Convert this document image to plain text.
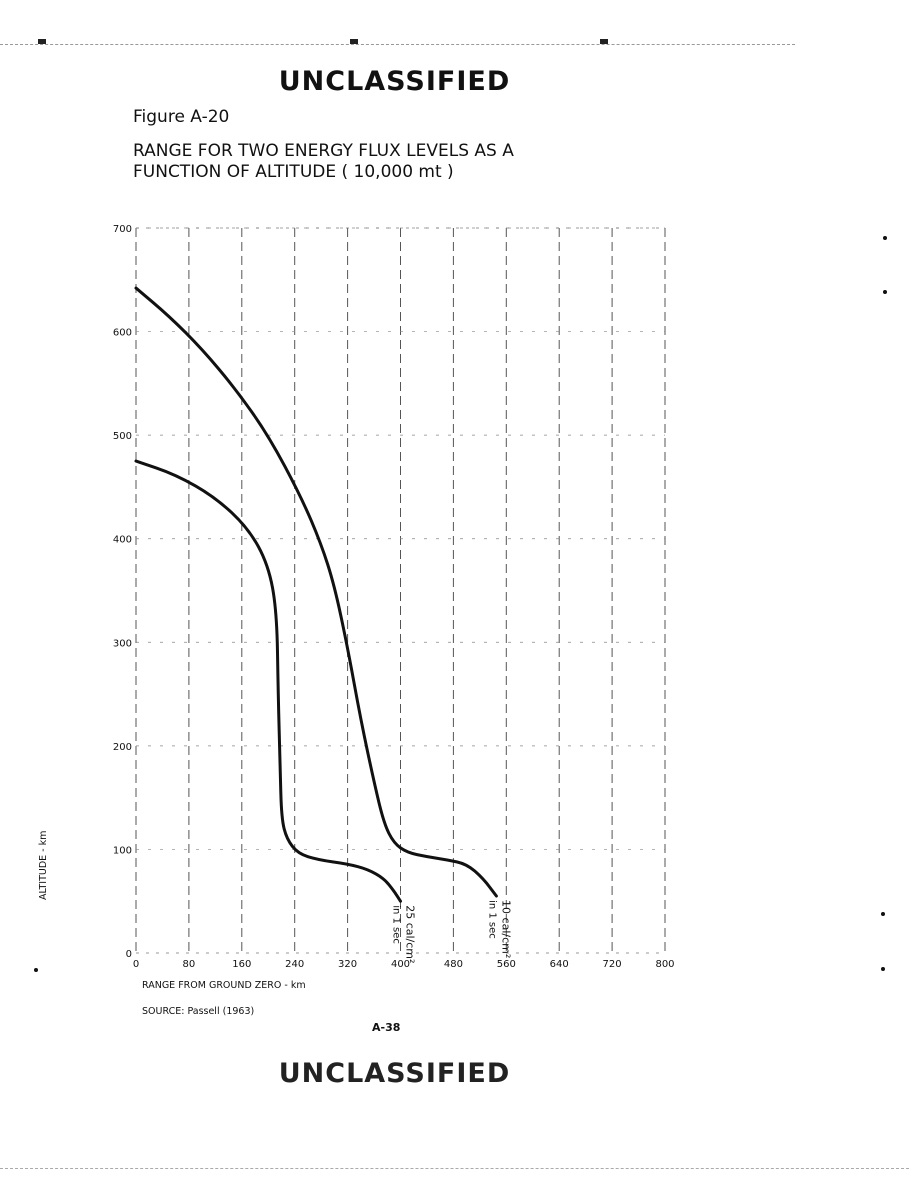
UNCLASSIFIED
Figure A-20
RANGE FOR TWO ENERGY FLUX LEVELS AS A
FUNCTION OF ALTITUDE ( 10,000 mt )
0	80	160	240	320	400	480	560	640	720	800
0
100
200
300
400
500
600
700
25 cal/cm²
in 1 sec	10 cal/cm²
in 1 sec
ALTITUDE - km
RANGE FROM GROUND ZERO - km
SOURCE: Passell (1963)
A-38
UNCLASSIFIED
